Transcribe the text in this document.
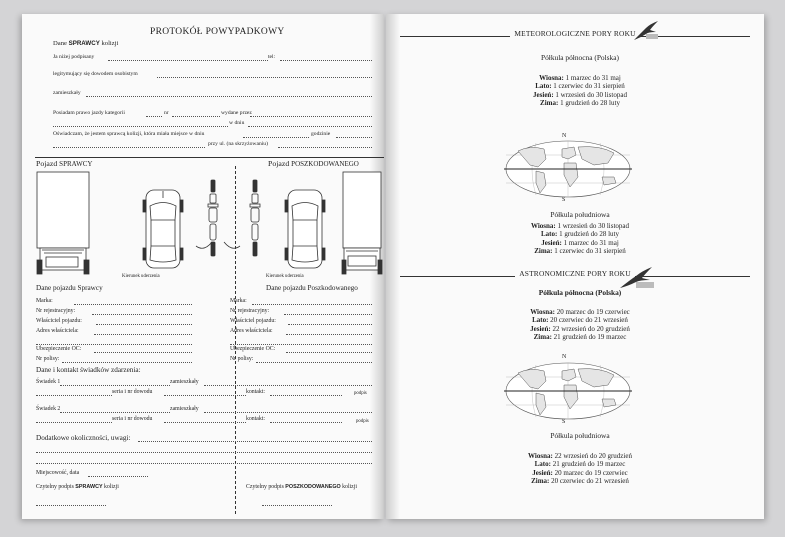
PROTOKÓŁ POWYPADKOWY
Dane SPRAWCY kolizji
Ja niżej podpisany	tel:
legitymujący się dowodem osobistym
zamieszkały
Posiadam prawo jazdy kategorii	nr	wydane przez
w dniu
Oświadczam, że jestem sprawcą kolizji, która miała miejsce w dniu	godzinie
przy ul. (na skrzyżowaniu)
Pojazd SPRAWCY	Pojazd POSZKODOWANEGO
Kierunek uderzenia	Kierunek uderzenia
Dane pojazdu Sprawcy	Dane pojazdu Poszkodowanego
Marka:
Nr rejestracyjny:
Właściciel pojazdu:
Adres właściciela:
Ubezpieczenie OC:
Nr polisy:
Marka:
Nr rejestracyjny:
Właściciel pojazdu:
Adres właściciela:
Ubezpieczenie OC:
Nr polisy:
Dane i kontakt świadków zdarzenia:
Świadek 1	zamieszkały
seria i nr dowodu	kontakt:	podpis
Świadek 2	zamieszkały
seria i nr dowodu	kontakt:	podpis
Dodatkowe okoliczności, uwagi:
Miejscowość, data
Czytelny podpis SPRAWCY kolizji	Czytelny podpis POSZKODOWANEGO kolizji
METEOROLOGICZNE PORY ROKU
Półkula północna (Polska)
Wiosna: 1 marzec do 31 maj
Lato: 1 czerwiec do 31 sierpień
Jesień: 1 wrzesień do 30 listopad
Zima: 1 grudzień do 28 luty
N
S
Półkula południowa
Wiosna: 1 wrzesień do 30 listopad
Lato: 1 grudzień do 28 luty
Jesień: 1 marzec do 31 maj
Zima: 1 czerwiec do 31 sierpień
ASTRONOMICZNE PORY ROKU
Półkula północna (Polska)
Wiosna: 20 marzec do 19 czerwiec
Lato: 20 czerwiec do 21 wrzesień
Jesień: 22 wrzesień do 20 grudzień
Zima: 21 grudzień do 19 marzec
N
S
Półkula południowa
Wiosna: 22 wrzesień do 20 grudzień
Lato: 21 grudzień do 19 marzec
Jesień: 20 marzec do 19 czerwiec
Zima: 20 czerwiec do 21 wrzesień
